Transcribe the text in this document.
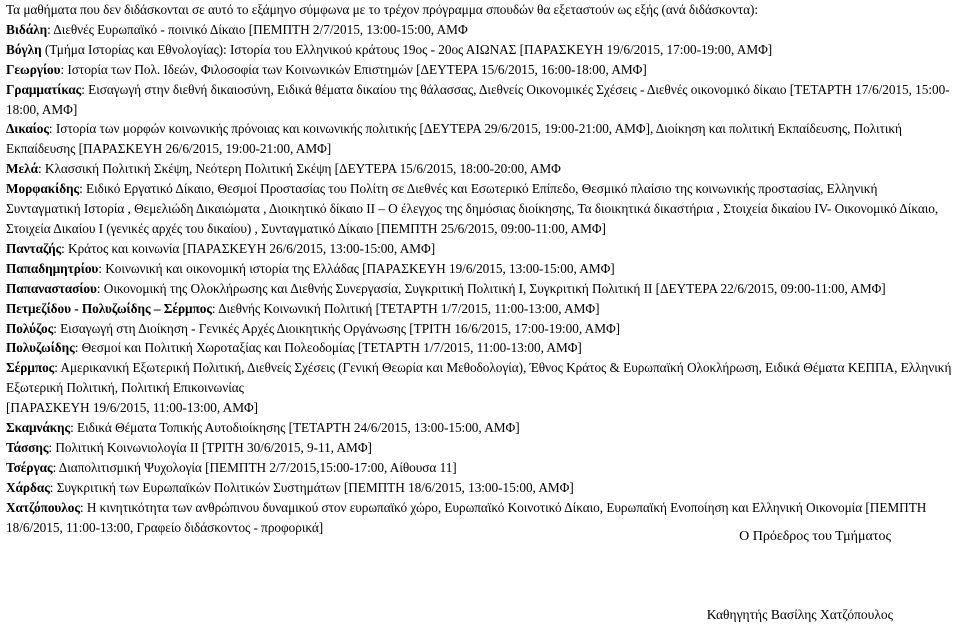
Τα μαθήματα που δεν διδάσκονται σε αυτό το εξάμηνο σύμφωνα με το τρέχον πρόγραμμα σπουδών θα εξεταστούν ως εξής (ανά διδάσκοντα):

Βιδάλη: Διεθνές Ευρωπαϊκό - ποινικό Δίκαιο [ΠΕΜΠΤΗ 2/7/2015, 13:00-15:00, ΑΜΦ

Βόγλη (Τμήμα Ιστορίας και Εθνολογίας): Ιστορία του Ελληνικού κράτους 19ος - 20ος ΑΙΩΝΑΣ [ΠΑΡΑΣΚΕΥΗ 19/6/2015, 17:00-19:00, ΑΜΦ]

Γεωργίου: Ιστορία των Πολ. Ιδεών, Φιλοσοφία των Κοινωνικών Επιστημών [ΔΕΥΤΕΡΑ 15/6/2015, 16:00-18:00, ΑΜΦ]

Γραμματίκας: Εισαγωγή στην διεθνή δικαιοσύνη, Ειδικά θέματα δικαίου της θάλασσας, Διεθνείς Οικονομικές Σχέσεις - Διεθνές οικονομικό δίκαιο [ΤΕΤΑΡΤΗ 17/6/2015, 15:00-18:00, ΑΜΦ]

Δικαίος: Ιστορία των μορφών κοινωνικής πρόνοιας και κοινωνικής πολιτικής [ΔΕΥΤΕΡΑ 29/6/2015, 19:00-21:00, ΑΜΦ], Διοίκηση και πολιτική Εκπαίδευσης, Πολιτική Εκπαίδευσης [ΠΑΡΑΣΚΕΥΗ 26/6/2015, 19:00-21:00, ΑΜΦ]

Μελά: Κλασσική Πολιτική Σκέψη, Νεότερη Πολιτική Σκέψη [ΔΕΥΤΕΡΑ 15/6/2015, 18:00-20:00, ΑΜΦ

Μορφακίδης: Ειδικό Εργατικό Δίκαιο, Θεσμοί Προστασίας του Πολίτη σε Διεθνές και Εσωτερικό Επίπεδο, Θεσμικό πλαίσιο της κοινωνικής προστασίας, Ελληνική Συνταγματική Ιστορία , Θεμελιώδη Δικαιώματα , Διοικητικό δίκαιο ΙΙ – Ο έλεγχος της δημόσιας διοίκησης, Τα διοικητικά δικαστήρια , Στοιχεία δικαίου ΙV- Οικονομικό Δίκαιο, Στοιχεία Δικαίου Ι (γενικές αρχές του δικαίου) , Συνταγματικό Δίκαιο [ΠΕΜΠΤΗ 25/6/2015, 09:00-11:00, ΑΜΦ]

Πανταζής: Κράτος και κοινωνία [ΠΑΡΑΣΚΕΥΗ 26/6/2015, 13:00-15:00, ΑΜΦ]

Παπαδημητρίου: Κοινωνική και οικονομική ιστορία της Ελλάδας [ΠΑΡΑΣΚΕΥΗ 19/6/2015, 13:00-15:00, ΑΜΦ]

Παπαναστασίου: Οικονομική της Ολοκλήρωσης και Διεθνής Συνεργασία, Συγκριτική Πολιτική Ι, Συγκριτική Πολιτική ΙΙ [ΔΕΥΤΕΡΑ 22/6/2015, 09:00-11:00, ΑΜΦ]

Πετμεζίδου - Πολυζωίδης – Σέρμπος: Διεθνής Κοινωνική Πολιτική [ΤΕΤΑΡΤΗ 1/7/2015, 11:00-13:00, ΑΜΦ]

Πολύζος: Εισαγωγή στη Διοίκηση - Γενικές Αρχές Διοικητικής Οργάνωσης [ΤΡΙΤΗ 16/6/2015, 17:00-19:00, ΑΜΦ]

Πολυζωίδης: Θεσμοί και Πολιτική Χωροταξίας και Πολεοδομίας [ΤΕΤΑΡΤΗ 1/7/2015, 11:00-13:00, ΑΜΦ]

Σέρμπος: Αμερικανική Εξωτερική Πολιτική, Διεθνείς Σχέσεις (Γενική Θεωρία και Μεθοδολογία), Έθνος Κράτος & Ευρωπαϊκή Ολοκλήρωση, Ειδικά Θέματα ΚΕΠΠΑ, Ελληνική Εξωτερική Πολιτική, Πολιτική Επικοινωνίας

[ΠΑΡΑΣΚΕΥΗ 19/6/2015, 11:00-13:00, ΑΜΦ]

Σκαμνάκης: Ειδικά Θέματα Τοπικής Αυτοδιοίκησης [ΤΕΤΑΡΤΗ 24/6/2015, 13:00-15:00, ΑΜΦ]

Τάσσης: Πολιτική Κοινωνιολογία ΙΙ [ΤΡΙΤΗ 30/6/2015, 9-11, ΑΜΦ]

Τσέργας: Διαπολιτισμική Ψυχολογία [ΠΕΜΠΤΗ 2/7/2015,15:00-17:00, Αίθουσα 11]

Χάρδας: Συγκριτική των Ευρωπαϊκών Πολιτικών Συστημάτων [ΠΕΜΠΤΗ 18/6/2015, 13:00-15:00, ΑΜΦ]

Χατζόπουλος: Η κινητικότητα των ανθρώπινου δυναμικού στον ευρωπαϊκό χώρο, Ευρωπαϊκό Κοινοτικό Δίκαιο, Ευρωπαϊκή Ενοποίηση και Ελληνική Οικονομία [ΠΕΜΠΤΗ 18/6/2015, 11:00-13:00, Γραφείο διδάσκοντος - προφορικά]

Ο Πρόεδρος του Τμήματος
Καθηγητής Βασίλης Χατζόπουλος
